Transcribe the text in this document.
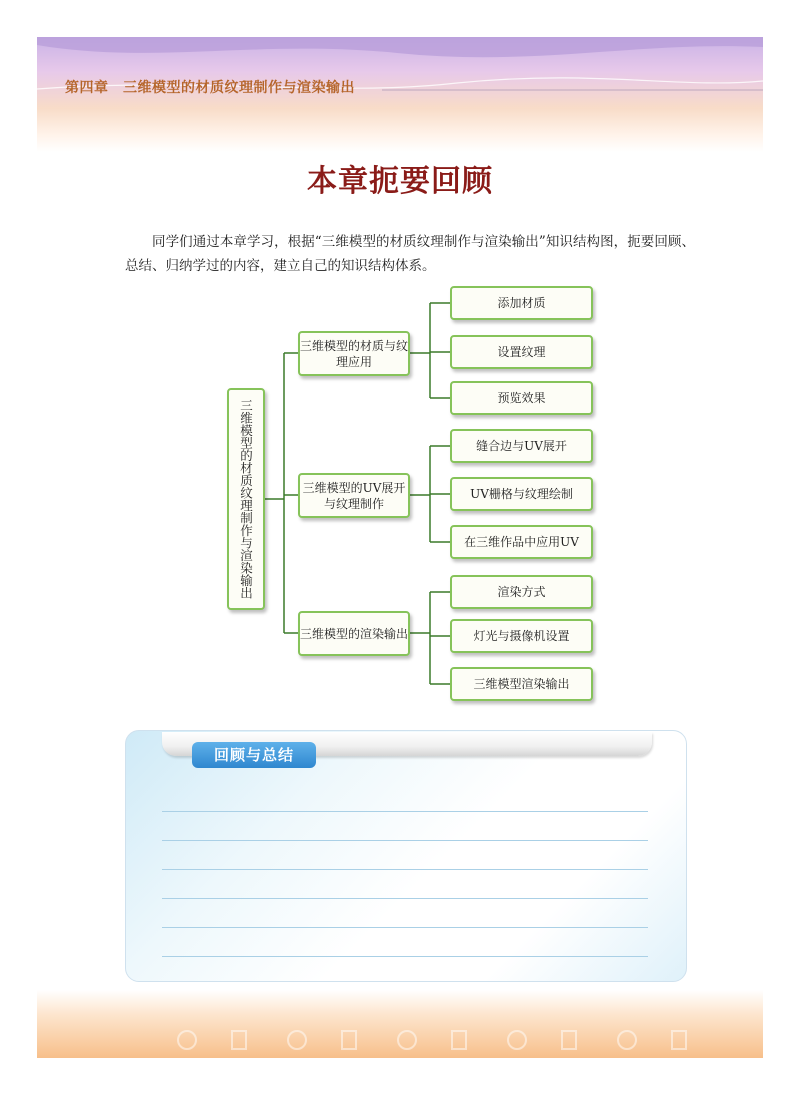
第四章　三维模型的材质纹理制作与渲染输出
本章扼要回顾
同学们通过本章学习，根据“三维模型的材质纹理制作与渲染输出”知识结构图，扼要回顾、总结、归纳学过的内容，建立自己的知识结构体系。
三维模型的材质纹理制作与渲染输出
三维模型的材质与纹理应用
三维模型的UV展开与纹理制作
三维模型的渲染输出
添加材质
设置纹理
预览效果
缝合边与UV展开
UV栅格与纹理绘制
在三维作品中应用UV
渲染方式
灯光与摄像机设置
三维模型渲染输出
回顾与总结
